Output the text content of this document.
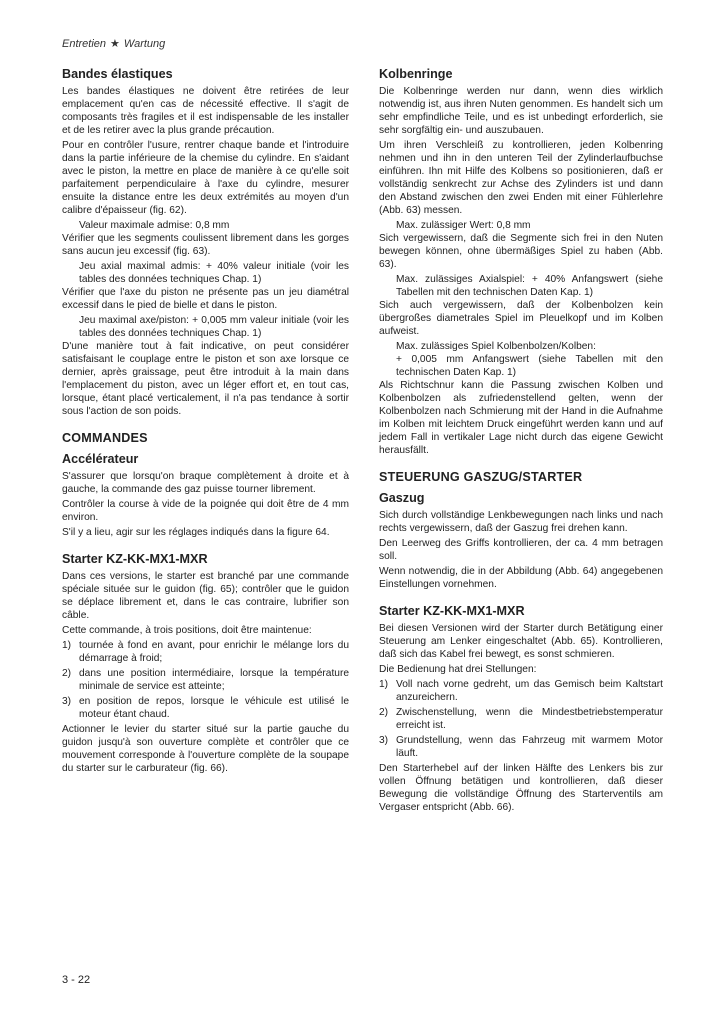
Entretien ★ Wartung
Bandes élastiques

Les bandes élastiques ne doivent être retirées de leur emplacement qu'en cas de nécessité effective. Il s'agit de composants très fragiles et il est indispensable de les installer et de les retirer avec la plus grande précaution.

Pour en contrôler l'usure, rentrer chaque bande et l'introduire dans la partie inférieure de la chemise du cylindre. En s'aidant avec le piston, la mettre en place de manière à ce qu'elle soit parfaitement perpendiculaire à l'axe du cylindre, mesurer ensuite la distance entre les deux extrémités au moyen d'un calibre d'épaisseur (fig. 62).

Valeur maximale admise: 0,8 mm

Vérifier que les segments coulissent librement dans les gorges sans aucun jeu excessif (fig. 63).

Jeu axial maximal admis: + 40% valeur initiale (voir les tables des données techniques Chap. 1)

Vérifier que l'axe du piston ne présente pas un jeu diamétral excessif dans le pied de bielle et dans le piston.

Jeu maximal axe/piston: + 0,005 mm valeur initiale (voir les tables des données techniques Chap. 1)

D'une manière tout à fait indicative, on peut considérer satisfaisant le couplage entre le piston et son axe lorsque ce dernier, après graissage, peut être introduit à la main dans l'emplacement du piston, avec un léger effort et, en tout cas, lorsque, étant placé verticalement, il n'a pas tendance à sortir sous l'action de son poids.

COMMANDES
Accélérateur

S'assurer que lorsqu'on braque complètement à droite et à gauche, la commande des gaz puisse tourner librement.

Contrôler la course à vide de la poignée qui doit être de 4 mm environ.

S'il y a lieu, agir sur les réglages indiqués dans la figure 64.

Starter KZ-KK-MX1-MXR

Dans ces versions, le starter est branché par une commande spéciale située sur le guidon (fig. 65); contrôler que le guidon se déplace librement et, dans le cas contraire, lubrifier son câble.

Cette commande, à trois positions, doit être maintenue:

1) tournée à fond en avant, pour enrichir le mélange lors du démarrage à froid;
2) dans une position intermédiaire, lorsque la température minimale de service est atteinte;
3) en position de repos, lorsque le véhicule est utilisé le moteur étant chaud.

Actionner le levier du starter situé sur la partie gauche du guidon jusqu'à son ouverture complète et contrôler que ce mouvement corresponde à l'ouverture complète de la soupape du starter sur le carburateur (fig. 66).

Kolbenringe

Die Kolbenringe werden nur dann, wenn dies wirklich notwendig ist, aus ihren Nuten genommen. Es handelt sich um sehr empfindliche Teile, und es ist unbedingt erforderlich, sie sehr sorgfältig ein- und auszubauen.

Um ihren Verschleiß zu kontrollieren, jeden Kolbenring nehmen und ihn in den unteren Teil der Zylinderlaufbuchse einführen. Ihn mit Hilfe des Kolbens so positionieren, daß er vollständig senkrecht zur Achse des Zylinders ist und dann den Abstand zwischen den zwei Enden mit einer Fühlerlehre (Abb. 63) messen.

Max. zulässiger Wert: 0,8 mm

Sich vergewissern, daß die Segmente sich frei in den Nuten bewegen können, ohne übermäßiges Spiel zu haben (Abb. 63).

Max. zulässiges Axialspiel: + 40% Anfangswert (siehe Tabellen mit den technischen Daten Kap. 1)

Sich auch vergewissern, daß der Kolbenbolzen kein übergroßes diametrales Spiel im Pleuelkopf und im Kolben aufweist.

Max. zulässiges Spiel Kolbenbolzen/Kolben:

+ 0,005 mm Anfangswert (siehe Tabellen mit den technischen Daten Kap. 1)

Als Richtschnur kann die Passung zwischen Kolben und Kolbenbolzen als zufriedenstellend gelten, wenn der Kolbenbolzen nach Schmierung mit der Hand in die Aufnahme im Kolben mit leichtem Druck eingeführt werden kann und auf jedem Fall in vertikaler Lage nicht durch das eigene Gewicht herausfällt.

STEUERUNG GASZUG/STARTER
Gaszug

Sich durch vollständige Lenkbewegungen nach links und nach rechts vergewissern, daß der Gaszug frei drehen kann.

Den Leerweg des Griffs kontrollieren, der ca. 4 mm betragen soll.

Wenn notwendig, die in der Abbildung (Abb. 64) angegebenen Einstellungen vornehmen.

Starter KZ-KK-MX1-MXR

Bei diesen Versionen wird der Starter durch Betätigung einer Steuerung am Lenker eingeschaltet (Abb. 65). Kontrollieren, daß sich das Kabel frei bewegt, es sonst schmieren.

Die Bedienung hat drei Stellungen:

1) Voll nach vorne gedreht, um das Gemisch beim Kaltstart anzureichern.
2) Zwischenstellung, wenn die Mindestbetriebstemperatur erreicht ist.
3) Grundstellung, wenn das Fahrzeug mit warmem Motor läuft.

Den Starterhebel auf der linken Hälfte des Lenkers bis zur vollen Öffnung betätigen und kontrollieren, daß dieser Bewegung die vollständige Öffnung des Starterventils am Vergaser entspricht (Abb. 66).

3 - 22
